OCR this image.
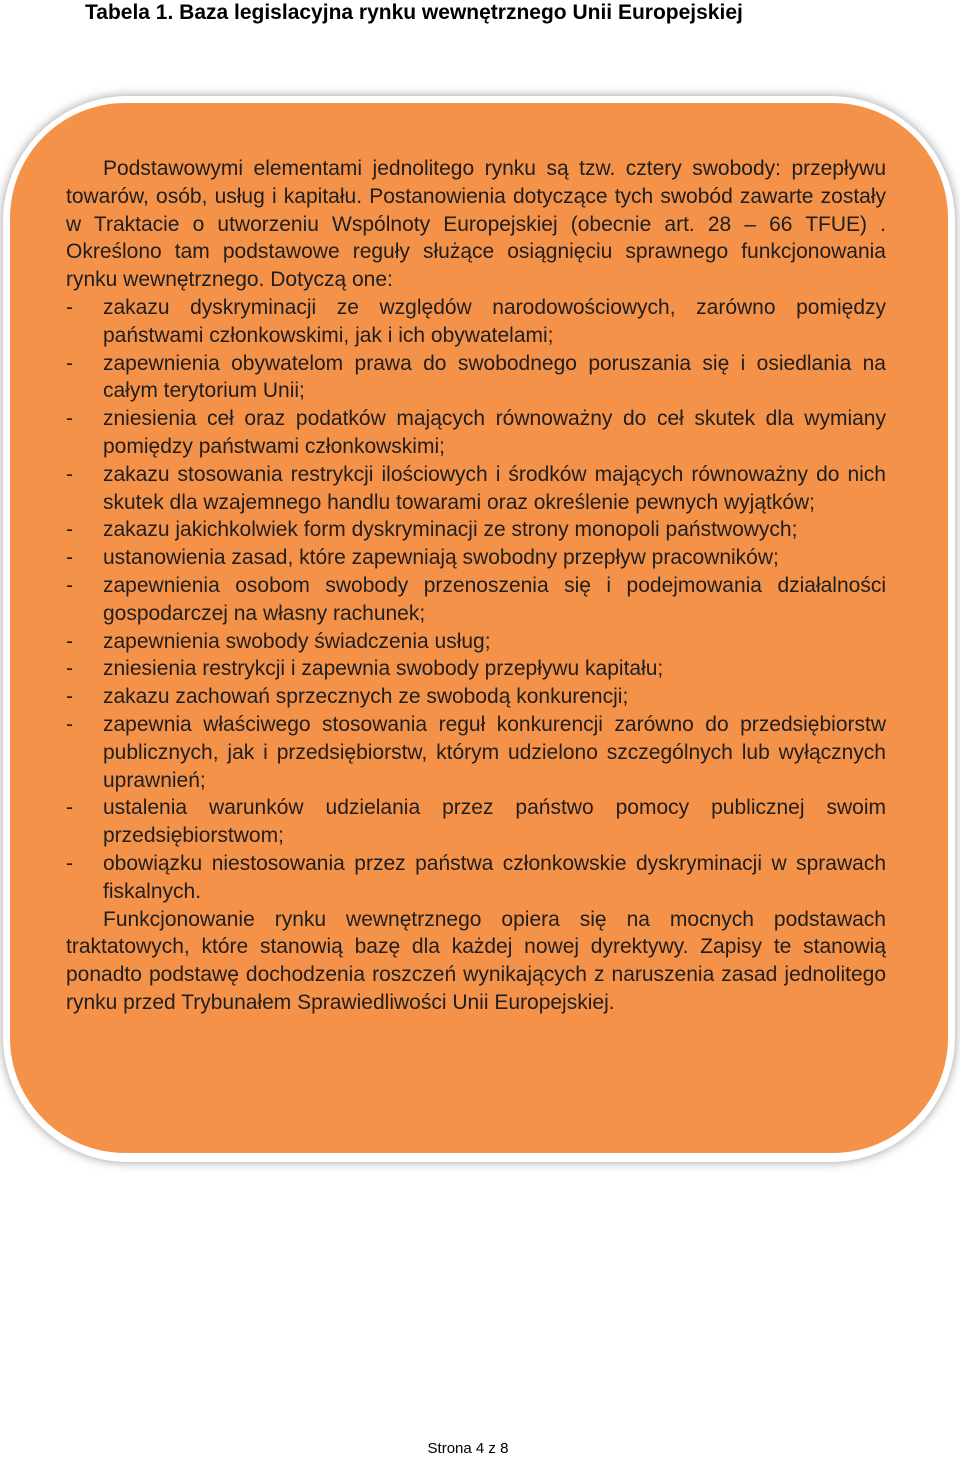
Tabela 1. Baza legislacyjna rynku wewnętrznego Unii Europejskiej

Podstawowymi elementami jednolitego rynku są tzw. cztery swobody: przepływu towarów, osób, usług i kapitału. Postanowienia dotyczące tych swobód zawarte zostały w Traktacie o utworzeniu Wspólnoty Europejskiej (obecnie art. 28 – 66 TFUE) . Określono tam podstawowe reguły służące osiągnięciu sprawnego funkcjonowania rynku wewnętrznego. Dotyczą one:

- zakazu dyskryminacji ze względów narodowościowych, zarówno pomiędzy państwami członkowskimi, jak i ich obywatelami;
- zapewnienia obywatelom prawa do swobodnego poruszania się i osiedlania na całym terytorium Unii;
- zniesienia ceł oraz podatków mających równoważny do ceł skutek dla wymiany pomiędzy państwami członkowskimi;
- zakazu stosowania restrykcji ilościowych i środków mających równoważny do nich skutek dla wzajemnego handlu towarami oraz określenie pewnych wyjątków;
- zakazu jakichkolwiek form dyskryminacji ze strony monopoli państwowych;
- ustanowienia zasad, które zapewniają swobodny przepływ pracowników;
- zapewnienia osobom swobody przenoszenia się i podejmowania działalności gospodarczej na własny rachunek;
- zapewnienia swobody świadczenia usług;
- zniesienia restrykcji i zapewnia swobody przepływu kapitału;
- zakazu zachowań sprzecznych ze swobodą konkurencji;
- zapewnia właściwego stosowania reguł konkurencji zarówno do przedsiębiorstw publicznych, jak i przedsiębiorstw, którym udzielono szczególnych lub wyłącznych uprawnień;
- ustalenia warunków udzielania przez państwo pomocy publicznej swoim przedsiębiorstwom;
- obowiązku niestosowania przez państwa członkowskie dyskryminacji w sprawach fiskalnych.

Funkcjonowanie rynku wewnętrznego opiera się na mocnych podstawach traktatowych, które stanowią bazę dla każdej nowej dyrektywy. Zapisy te stanowią ponadto podstawę dochodzenia roszczeń wynikających z naruszenia zasad jednolitego rynku przed Trybunałem Sprawiedliwości Unii Europejskiej.

Strona 4 z 8
